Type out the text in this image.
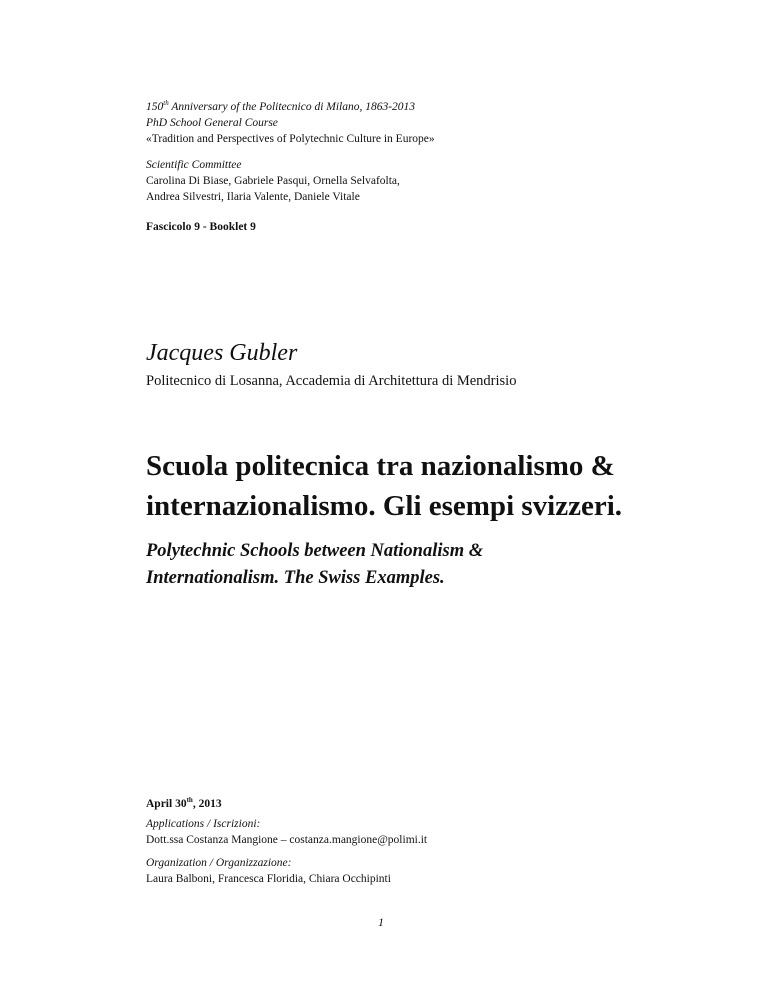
150th Anniversary of the Politecnico di Milano, 1863-2013
PhD School General Course
«Tradition and Perspectives of Polytechnic Culture in Europe»
Scientific Committee
Carolina Di Biase, Gabriele Pasqui, Ornella Selvafolta,
Andrea Silvestri, Ilaria Valente, Daniele Vitale
Fascicolo 9 - Booklet 9
Jacques Gubler
Politecnico di Losanna, Accademia di Architettura di Mendrisio
Scuola politecnica tra nazionalismo &
internazionalismo. Gli esempi svizzeri.
Polytechnic Schools between Nationalism &
Internationalism. The Swiss Examples.
April 30th, 2013
Applications / Iscrizioni:
Dott.ssa Costanza Mangione – costanza.mangione@polimi.it
Organization / Organizzazione:
Laura Balboni, Francesca Floridia, Chiara Occhipinti
1
